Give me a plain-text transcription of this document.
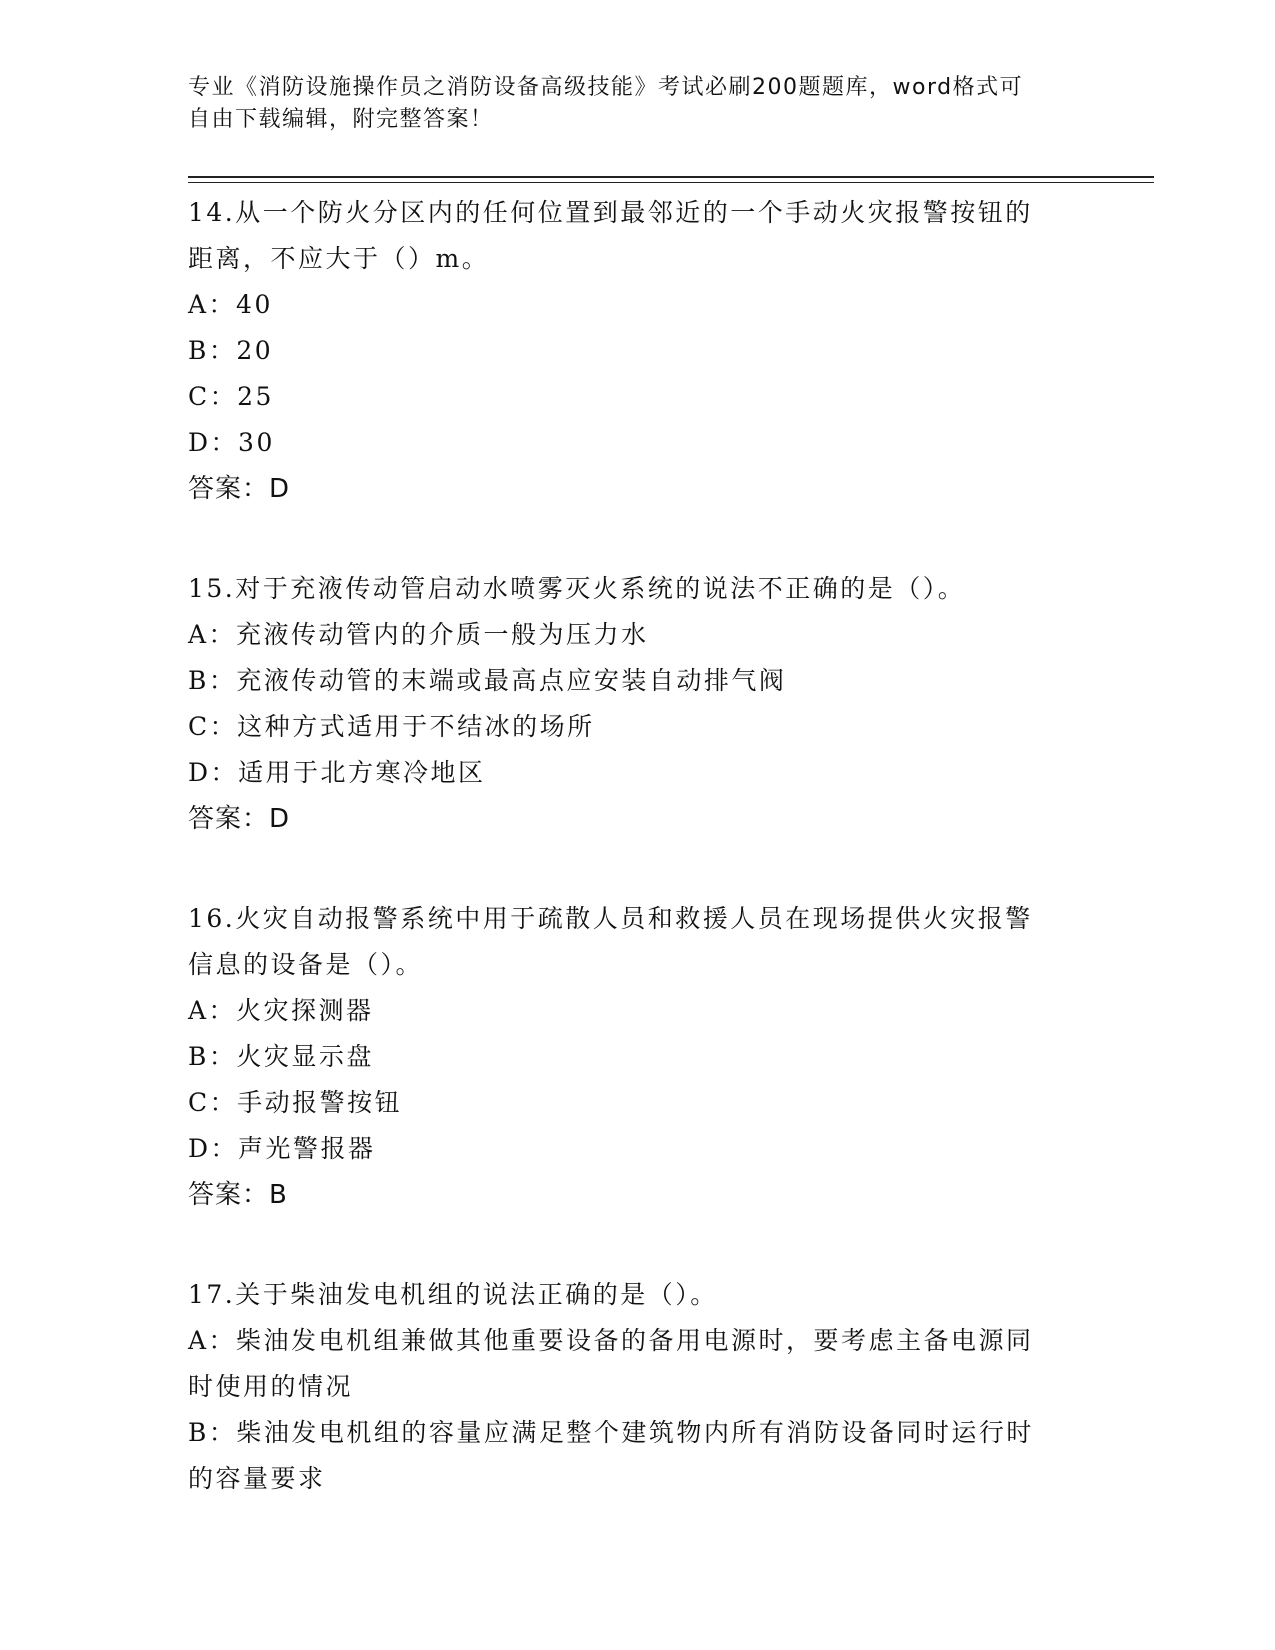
专业《消防设施操作员之消防设备高级技能》考试必刷200题题库，word格式可

自由下载编辑，附完整答案！

14.从一个防火分区内的任何位置到最邻近的一个手动火灾报警按钮的

距离，不应大于（）m。

A：40

B：20

C：25

D：30

答案：D

15.对于充液传动管启动水喷雾灭火系统的说法不正确的是（）。

A：充液传动管内的介质一般为压力水

B：充液传动管的末端或最高点应安装自动排气阀

C：这种方式适用于不结冰的场所

D：适用于北方寒冷地区

答案：D

16.火灾自动报警系统中用于疏散人员和救援人员在现场提供火灾报警

信息的设备是（）。

A：火灾探测器

B：火灾显示盘

C：手动报警按钮

D：声光警报器

答案：B

17.关于柴油发电机组的说法正确的是（）。

A：柴油发电机组兼做其他重要设备的备用电源时，要考虑主备电源同

时使用的情况

B：柴油发电机组的容量应满足整个建筑物内所有消防设备同时运行时

的容量要求
